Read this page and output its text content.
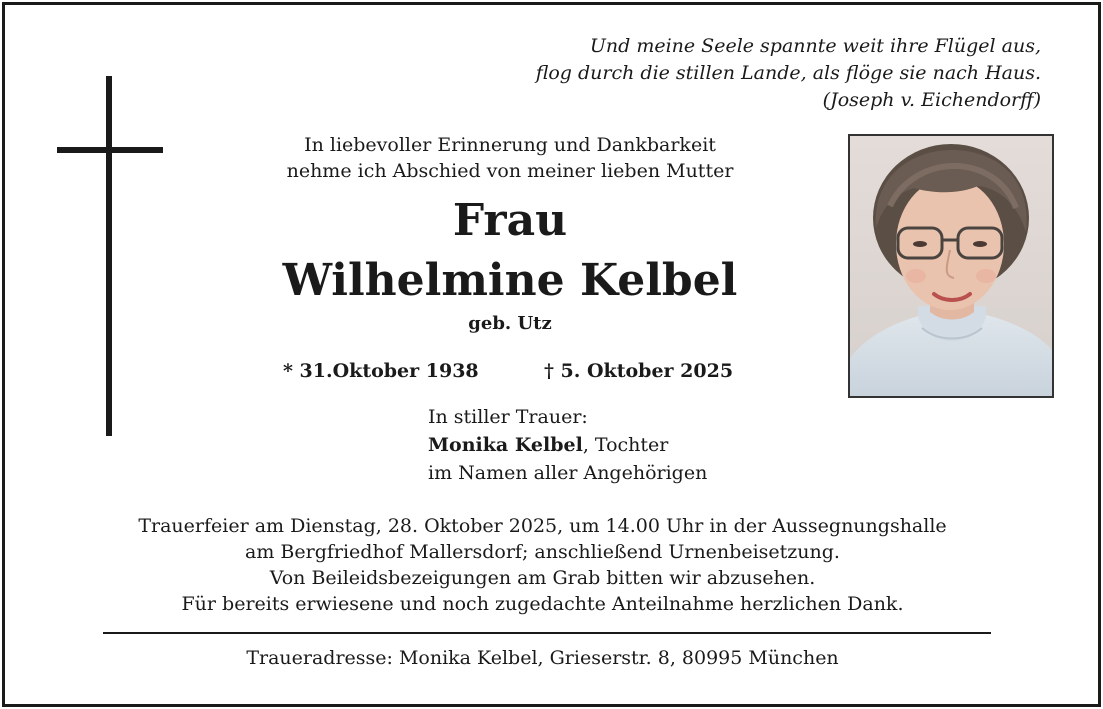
Und meine Seele spannte weit ihre Flügel aus,
flog durch die stillen Lande, als flöge sie nach Haus.
(Joseph v. Eichendorff)
In liebevoller Erinnerung und Dankbarkeit
nehme ich Abschied von meiner lieben Mutter
Frau
Wilhelmine Kelbel
geb. Utz
* 31.Oktober 1938	† 5. Oktober 2025
In stiller Trauer:
Monika Kelbel, Tochter
im Namen aller Angehörigen
Trauerfeier am Dienstag, 28. Oktober 2025, um 14.00 Uhr in der Aussegnungshalle
am Bergfriedhof Mallersdorf; anschließend Urnenbeisetzung.
Von Beileidsbezeigungen am Grab bitten wir abzusehen.
Für bereits erwiesene und noch zugedachte Anteilnahme herzlichen Dank.
Traueradresse: Monika Kelbel, Grieserstr. 8, 80995 München
